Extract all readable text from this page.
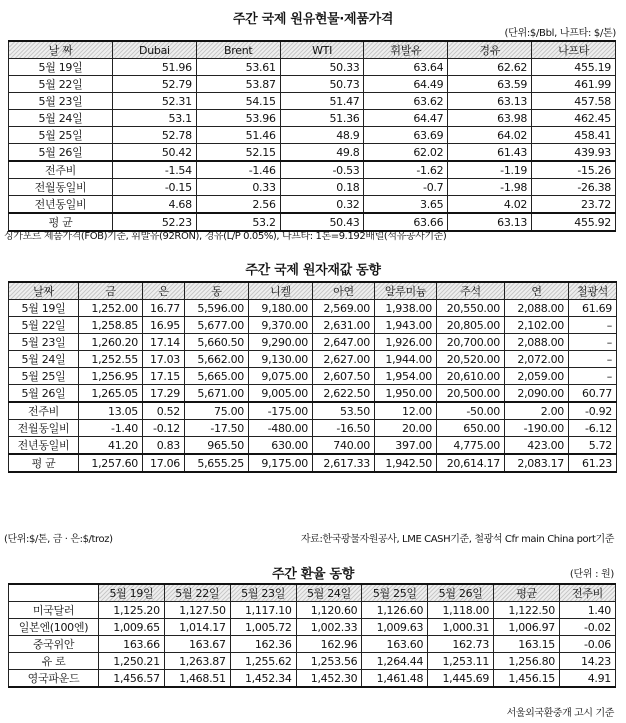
주간 국제 원유현물·제품가격
(단위:$/Bbl, 나프타: $/톤)
날 짜	Dubai	Brent	WTI	휘발유	경유	나프타
5월 19일	51.96	53.61	50.33	63.64	62.62	455.19
5월 22일	52.79	53.87	50.73	64.49	63.59	461.99
5월 23일	52.31	54.15	51.47	63.62	63.13	457.58
5월 24일	53.1	53.96	51.36	64.47	63.98	462.45
5월 25일	52.78	51.46	48.9	63.69	64.02	458.41
5월 26일	50.42	52.15	49.8	62.02	61.43	439.93
전주비	-1.54	-1.46	-0.53	-1.62	-1.19	-15.26
전월동일비	-0.15	0.33	0.18	-0.7	-1.98	-26.38
전년동일비	4.68	2.56	0.32	3.65	4.02	23.72
평 균	52.23	53.2	50.43	63.66	63.13	455.92
싱가포르 제품가격(FOB)기준, 휘발유(92RON), 경유(L/P 0.05%), 나프타: 1톤=9.192배럴(석유공사기준)
주간 국제 원자재값 동향
날짜	금	은	동	니켈	아연	알루미늄	주석	연	철광석
5월 19일	1,252.00	16.77	5,596.00	9,180.00	2,569.00	1,938.00	20,550.00	2,088.00	61.69
5월 22일	1,258.85	16.95	5,677.00	9,370.00	2,631.00	1,943.00	20,805.00	2,102.00	–
5월 23일	1,260.20	17.14	5,660.50	9,290.00	2,647.00	1,926.00	20,700.00	2,088.00	–
5월 24일	1,252.55	17.03	5,662.00	9,130.00	2,627.00	1,944.00	20,520.00	2,072.00	–
5월 25일	1,256.95	17.15	5,665.00	9,075.00	2,607.50	1,954.00	20,610.00	2,059.00	–
5월 26일	1,265.05	17.29	5,671.00	9,005.00	2,622.50	1,950.00	20,500.00	2,090.00	60.77
전주비	13.05	0.52	75.00	-175.00	53.50	12.00	-50.00	2.00	-0.92
전월동일비	-1.40	-0.12	-17.50	-480.00	-16.50	20.00	650.00	-190.00	-6.12
전년동일비	41.20	0.83	965.50	630.00	740.00	397.00	4,775.00	423.00	5.72
평 균	1,257.60	17.06	5,655.25	9,175.00	2,617.33	1,942.50	20,614.17	2,083.17	61.23
(단위:$/톤, 금 · 은:$/troz)	자료:한국광물자원공사, LME CASH기준, 철광석 Cfr main China port기준
주간 환율 동향	(단위 : 원)
	5월 19일	5월 22일	5월 23일	5월 24일	5월 25일	5월 26일	평균	전주비
미국달러	1,125.20	1,127.50	1,117.10	1,120.60	1,126.60	1,118.00	1,122.50	1.40
일본엔(100엔)	1,009.65	1,014.17	1,005.72	1,002.33	1,009.63	1,000.31	1,006.97	-0.02
중국위안	163.66	163.67	162.36	162.96	163.60	162.73	163.15	-0.06
유 로	1,250.21	1,263.87	1,255.62	1,253.56	1,264.44	1,253.11	1,256.80	14.23
영국파운드	1,456.57	1,468.51	1,452.34	1,452.30	1,461.48	1,445.69	1,456.15	4.91
서울외국환중개 고시 기준
